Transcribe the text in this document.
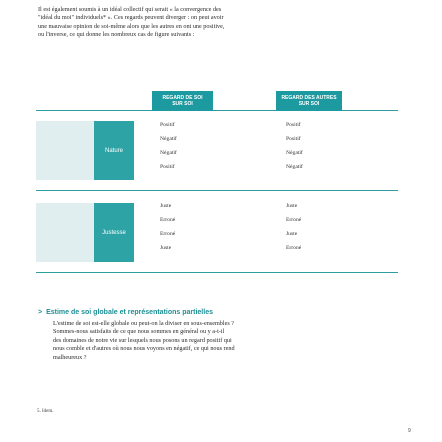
Il est également soumis à un idéal collectif qui serait « la convergence des
"idéal du moi" individuels* ». Ces regards peuvent diverger : on peut avoir
une mauvaise opinion de soi-même alors que les autres en ont une positive,
ou l'inverse, ce qui donne les nombreux cas de figure suivants :
REGARD DE SOI
SUR SOI
REGARD DES AUTRES
SUR SOI
Nature
Justesse
Positif	Positif
Négatif	Positif
Négatif	Négatif
Positif	Négatif
Juste	Juste
Erroné	Erroné
Erroné	Juste
Juste	Erroné
> Estime de soi globale et représentations partielles
L'estime de soi est-elle globale ou peut-on la diviser en sous-ensembles ?
Sommes-nous satisfaits de ce que nous sommes en général ou y a-t-il
des domaines de notre vie sur lesquels nous posons un regard positif qui
nous comble et d'autres où nous nous voyons en négatif, ce qui nous rend
malheureux ?
5. Idem.
9
